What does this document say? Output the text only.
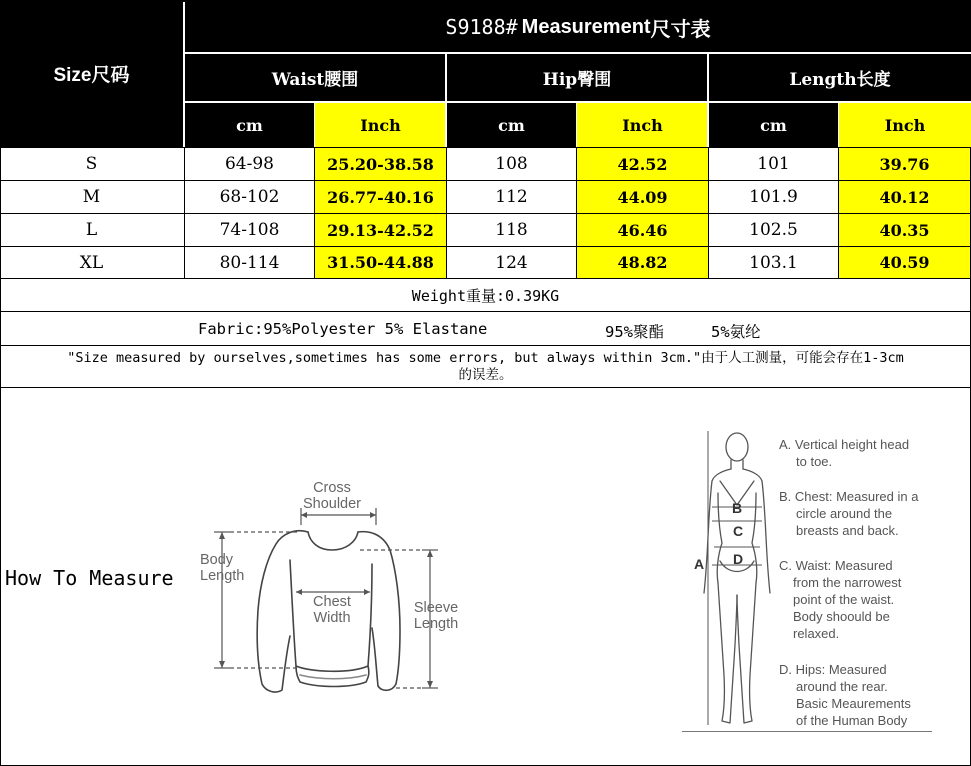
S9188# Measurement 尺寸表
Size尺码	Waist腰围	Hip臀围	Length长度
cm	Inch	cm	Inch	cm	Inch
S	64-98	25.20-38.58	108	42.52	101	39.76
M	68-102	26.77-40.16	112	44.09	101.9	40.12
L	74-108	29.13-42.52	118	46.46	102.5	40.35
XL	80-114	31.50-44.88	124	48.82	103.1	40.59
Weight重量:0.39KG
Fabric:95%Polyester 5% Elastane	95%聚酯	5%氨纶
"Size measured by ourselves,sometimes has some errors, but always within 3cm."由于人工测量，可能会存在1-3cm
的误差。
How To Measure
Cross
Shoulder
Body
Length
Chest
Width
Sleeve
Length
A
B
C
D
A. Vertical height head
to toe.
B. Chest: Measured in a
circle around the
breasts and back.
C. Waist: Measured
from the narrowest
point of the waist.
Body shoould be
relaxed.
D. Hips: Measured
around the rear.
Basic Meaurements
of the Human Body
